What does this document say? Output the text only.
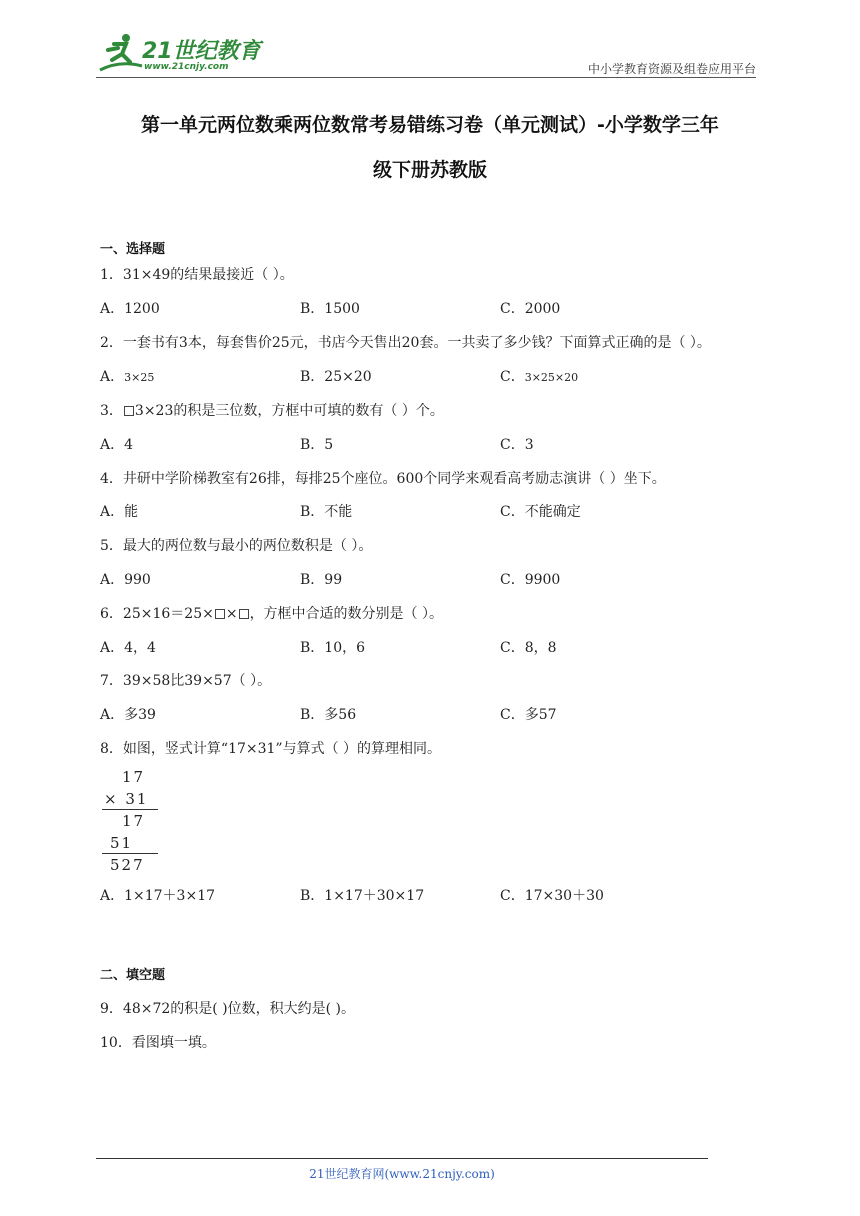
21世纪教育
www.21cnjy.com	中小学教育资源及组卷应用平台
第一单元两位数乘两位数常考易错练习卷（单元测试）-小学数学三年
级下册苏教版
一、选择题
1．31×49的结果最接近（ ）。
A．1200	B．1500	C．2000
2．一套书有3本，每套售价25元，书店今天售出20套。一共卖了多少钱？下面算式正确的是（ ）。
A．3×25	B．25×20	C．3×25×20
3． 3×23的积是三位数，方框中可填的数有（ ）个。
A．4	B．5	C．3
4．井研中学阶梯教室有26排，每排25个座位。600个同学来观看高考励志演讲（ ）坐下。
A．能	B．不能	C．不能确定
5．最大的两位数与最小的两位数积是（ ）。
A．990	B．99	C．9900
6．25×16＝25× × ，方框中合适的数分别是（ ）。
A．4，4	B．10，6	C．8，8
7．39×58比39×57（ ）。
A．多39	B．多56	C．多57
8．如图，竖式计算“17×31”与算式（ ）的算理相同。
17
× 31
17
51
527
A．1×17＋3×17	B．1×17＋30×17	C．17×30＋30
二、填空题
9．48×72的积是( )位数，积大约是( )。
10．看图填一填。
21世纪教育网(www.21cnjy.com)
